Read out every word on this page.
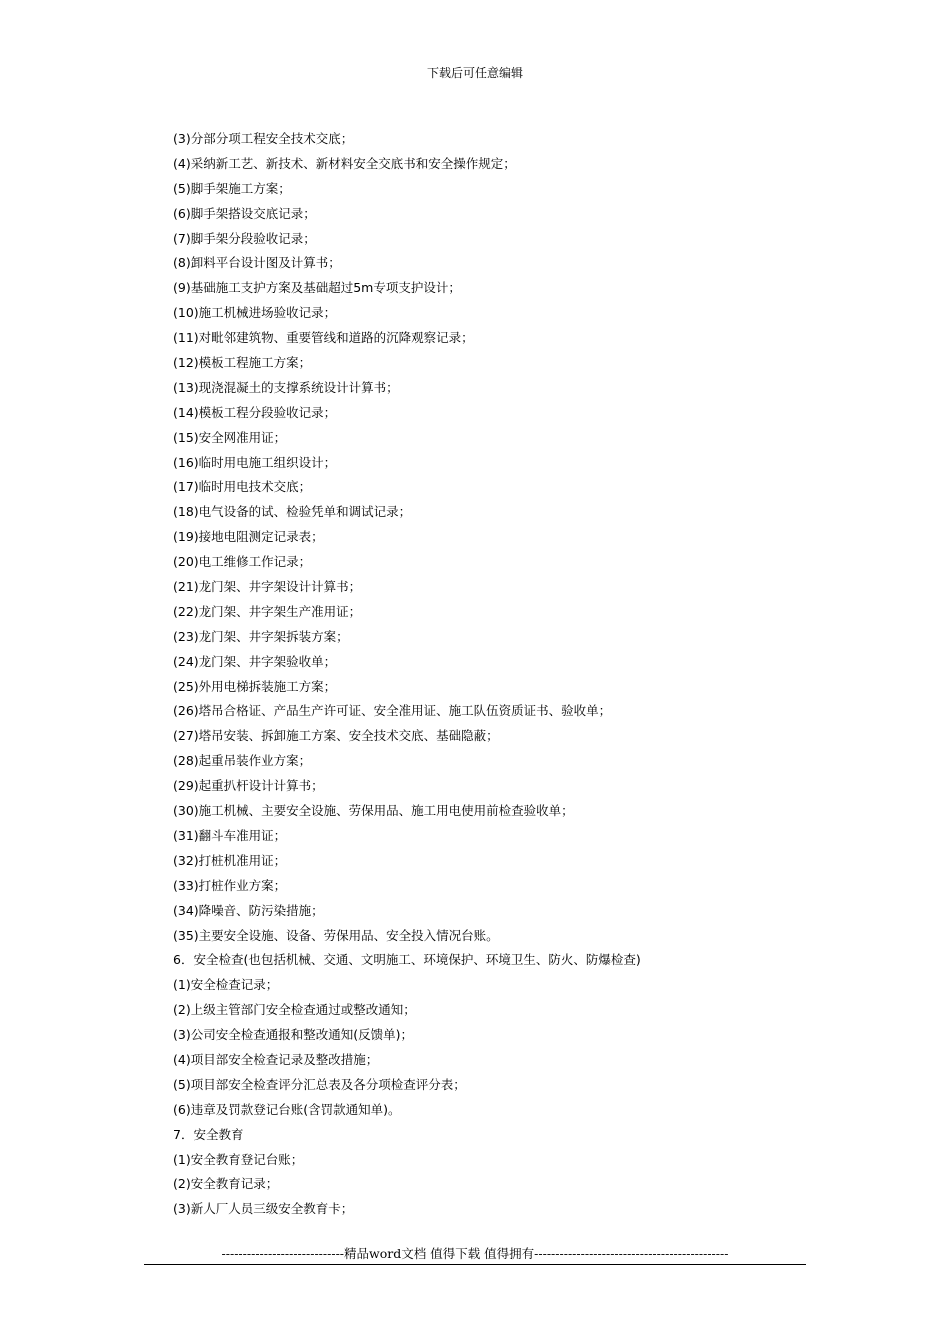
下载后可任意编辑
(3)分部分项工程安全技术交底；
(4)采纳新工艺、新技术、新材料安全交底书和安全操作规定；
(5)脚手架施工方案；
(6)脚手架搭设交底记录；
(7)脚手架分段验收记录；
(8)卸料平台设计图及计算书；
(9)基础施工支护方案及基础超过5m专项支护设计；
(10)施工机械进场验收记录；
(11)对毗邻建筑物、重要管线和道路的沉降观察记录；
(12)模板工程施工方案；
(13)现浇混凝土的支撑系统设计计算书；
(14)模板工程分段验收记录；
(15)安全网准用证；
(16)临时用电施工组织设计；
(17)临时用电技术交底；
(18)电气设备的试、检验凭单和调试记录；
(19)接地电阻测定记录表；
(20)电工维修工作记录；
(21)龙门架、井字架设计计算书；
(22)龙门架、井字架生产准用证；
(23)龙门架、井字架拆装方案；
(24)龙门架、井字架验收单；
(25)外用电梯拆装施工方案；
(26)塔吊合格证、产品生产许可证、安全准用证、施工队伍资质证书、验收单；
(27)塔吊安装、拆卸施工方案、安全技术交底、基础隐蔽；
(28)起重吊装作业方案；
(29)起重扒杆设计计算书；
(30)施工机械、主要安全设施、劳保用品、施工用电使用前检查验收单；
(31)翻斗车准用证；
(32)打桩机准用证；
(33)打桩作业方案；
(34)降噪音、防污染措施；
(35)主要安全设施、设备、劳保用品、安全投入情况台账。
6．安全检查(也包括机械、交通、文明施工、环境保护、环境卫生、防火、防爆检查)
(1)安全检查记录；
(2)上级主管部门安全检查通过或整改通知；
(3)公司安全检查通报和整改通知(反馈单)；
(4)项目部安全检查记录及整改措施；
(5)项目部安全检查评分汇总表及各分项检查评分表；
(6)违章及罚款登记台账(含罚款通知单)。
7．安全教育
(1)安全教育登记台账；
(2)安全教育记录；
(3)新人厂人员三级安全教育卡；
-----------------------------精品word文档 值得下载 值得拥有----------------------------------------------
